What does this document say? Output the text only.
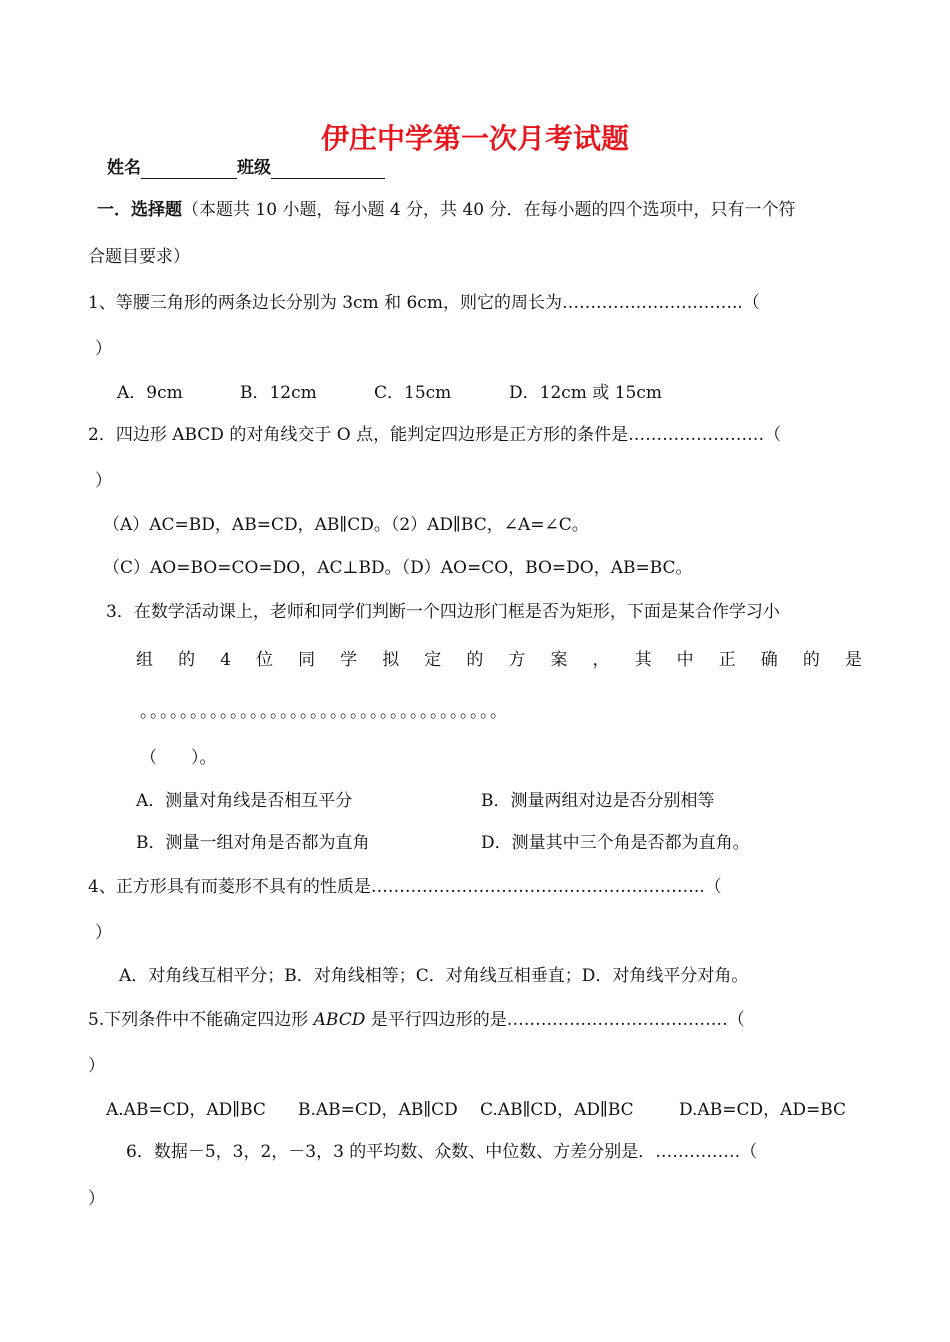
伊庄中学第一次月考试题
姓名	班级
一．选择题（本题共 10 小题，每小题 4 分，共 40 分．在每小题的四个选项中，只有一个符
合题目要求）
1、等腰三角形的两条边长分别为 3cm 和 6cm，则它的周长为…………………………..（
）
A．9cm	B．12cm	C．15cm	D．12cm 或 15cm
2．四边形 ABCD 的对角线交于 O 点，能判定四边形是正方形的条件是……………………（
）
（A）AC=BD，AB=CD，AB∥CD。（2）AD∥BC，∠A=∠C。
（C）AO=BO=CO=DO，AC⊥BD。（D）AO=CO，BO=DO，AB=BC。
3．在数学活动课上，老师和同学们判断一个四边形门框是否为矩形，下面是某合作学习小
组 的 4 位 同 学 拟 定 的 方 案 ， 其 中 正 确 的 是
。。。。。。。。。。。。。。。。。。。。。。。。。。。。。。。。。。。。
（　　）。
A．测量对角线是否相互平分	B．测量两组对边是否分别相等
B．测量一组对角是否都为直角	D．测量其中三个角是否都为直角。
4、正方形具有而菱形不具有的性质是…………………………………………………..（
）
A．对角线互相平分；B．对角线相等；C．对角线互相垂直；D．对角线平分对角。
5.下列条件中不能确定四边形 ABCD 是平行四边形的是…………………………………（
）
A.AB=CD，AD∥BC B.AB=CD，AB∥CD C.AB∥CD，AD∥BC	D.AB=CD，AD=BC
6．数据－5，3，2，－3，3 的平均数、众数、中位数、方差分别是．……………（
）
